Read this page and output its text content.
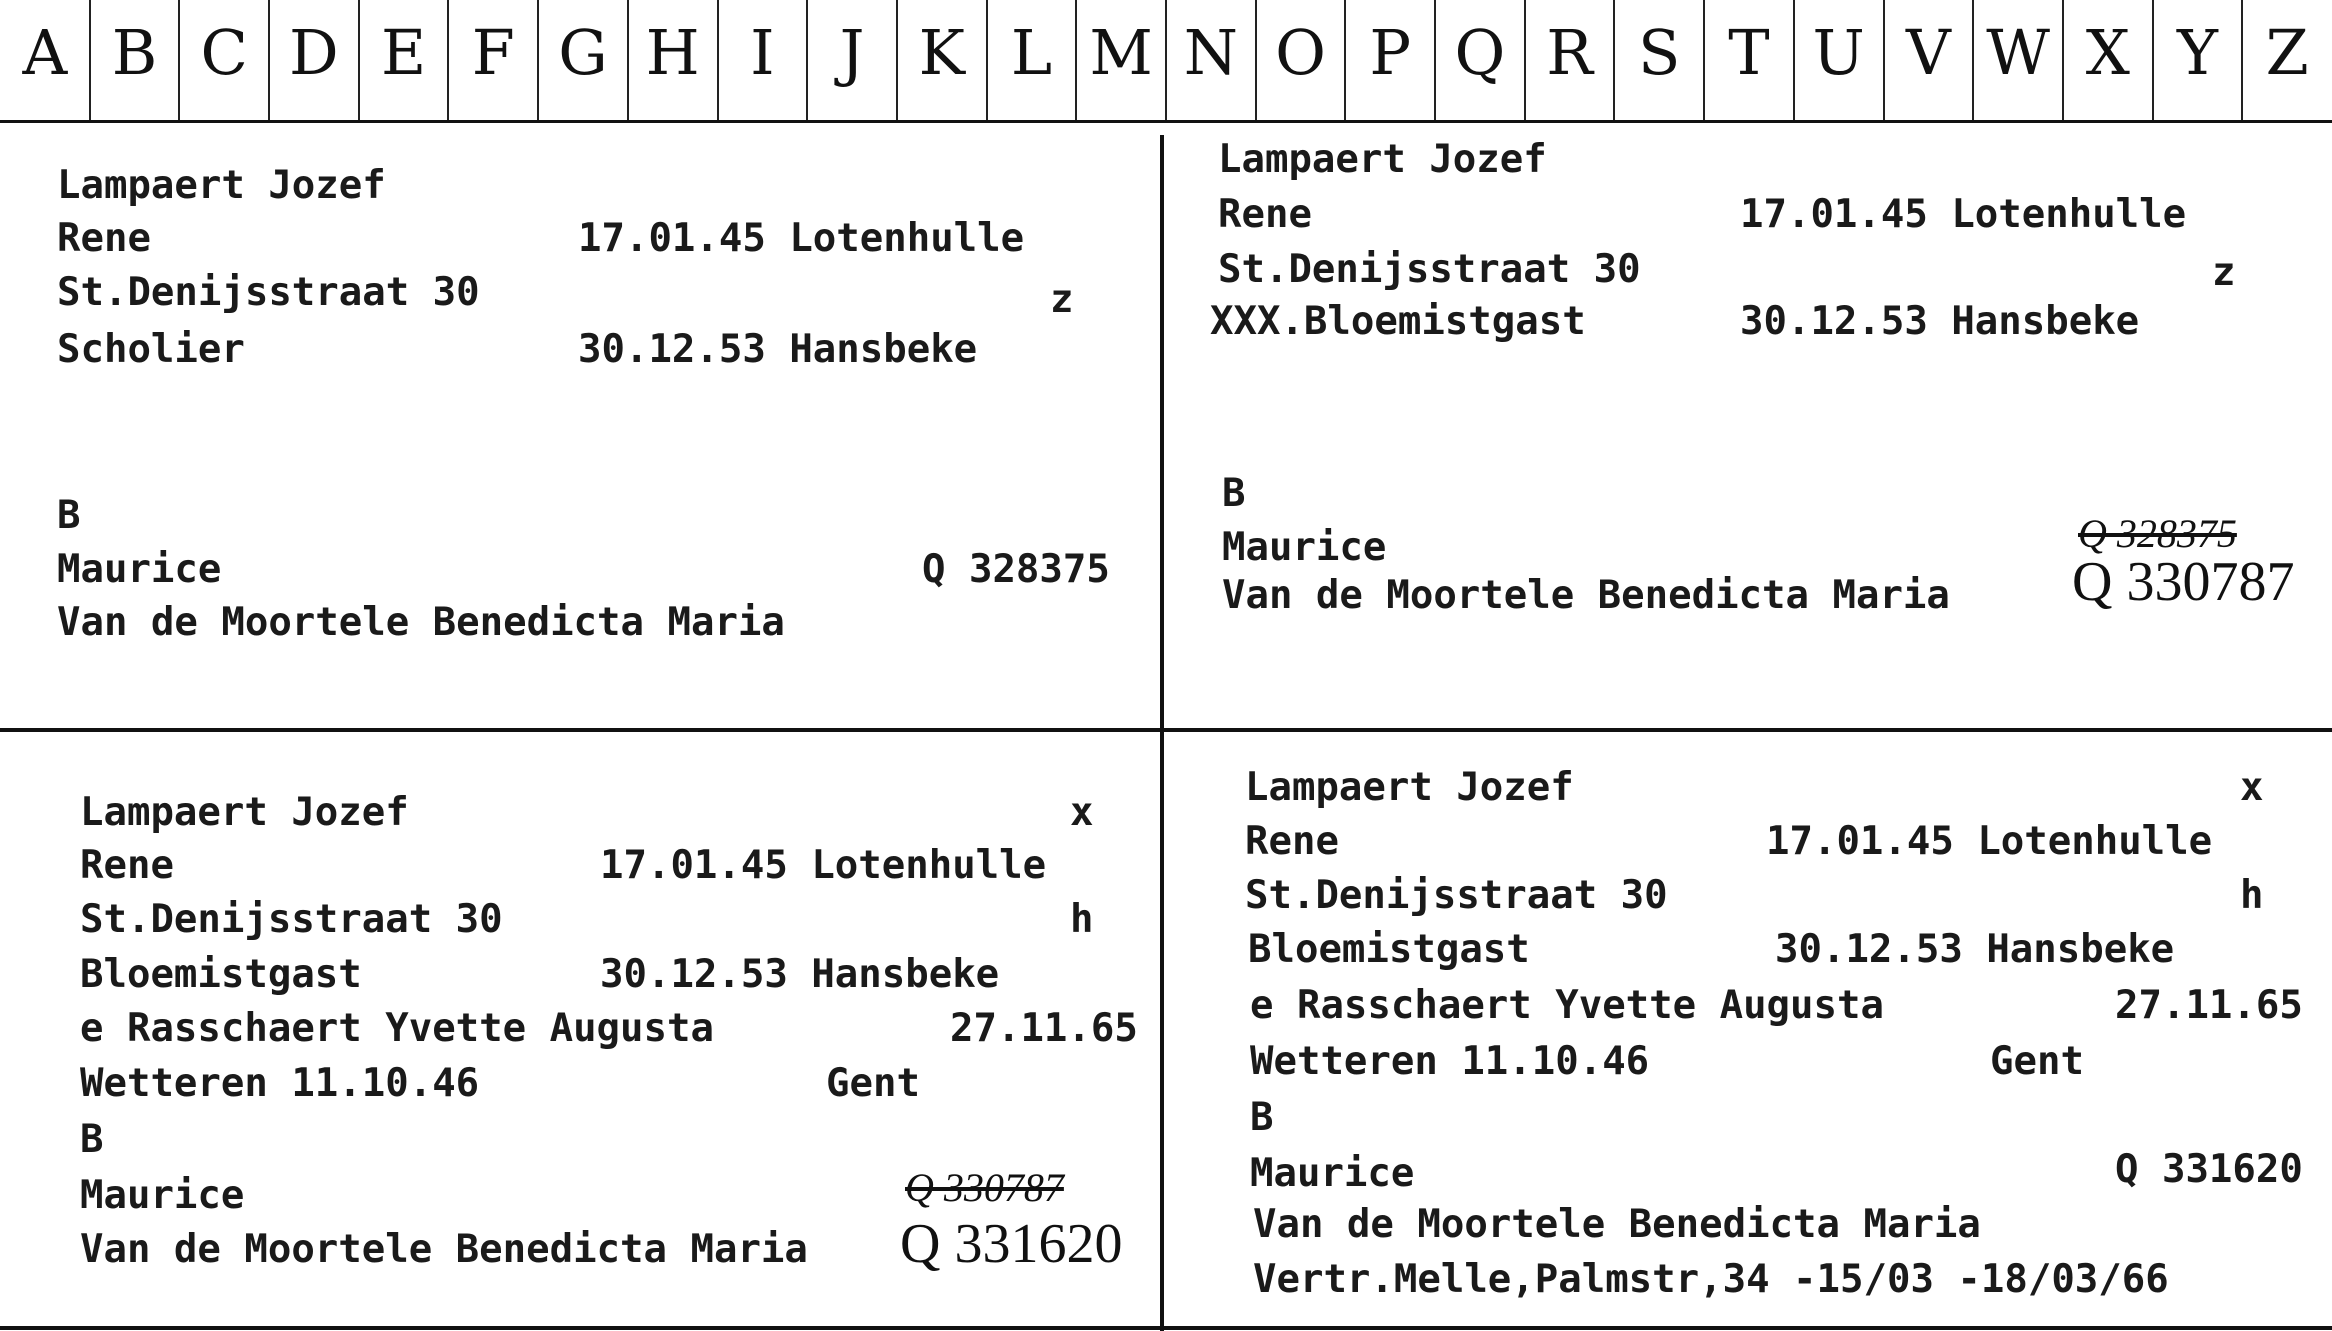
A B C D E F G H I	J K L M N O P Q R S T U V W X Y Z
Lampaert Jozef
Rene	17.01.45 Lotenhulle
St.Denijsstraat 30	z
Scholier	30.12.53 Hansbeke
B
Maurice	Q 328375
Van de Moortele Benedicta Maria
Lampaert Jozef
Rene	17.01.45 Lotenhulle
St.Denijsstraat 30	z
XXX.Bloemistgast	30.12.53 Hansbeke
B
Maurice	Q 328375
Q 330787
Van de Moortele Benedicta Maria
Lampaert Jozef	x
Rene	17.01.45 Lotenhulle
St.Denijsstraat 30	h
Bloemistgast	30.12.53 Hansbeke
e Rasschaert Yvette Augusta	27.11.65
Wetteren 11.10.46	Gent
B
Maurice	Q 330787
Q 331620
Van de Moortele Benedicta Maria
Lampaert Jozef	x
Rene	17.01.45 Lotenhulle
St.Denijsstraat 30	h
Bloemistgast	30.12.53 Hansbeke
e Rasschaert Yvette Augusta	27.11.65
Wetteren 11.10.46	Gent
B
Maurice	Q 331620
Van de Moortele Benedicta Maria
Vertr.Melle,Palmstr,34 -15/03 -18/03/66
